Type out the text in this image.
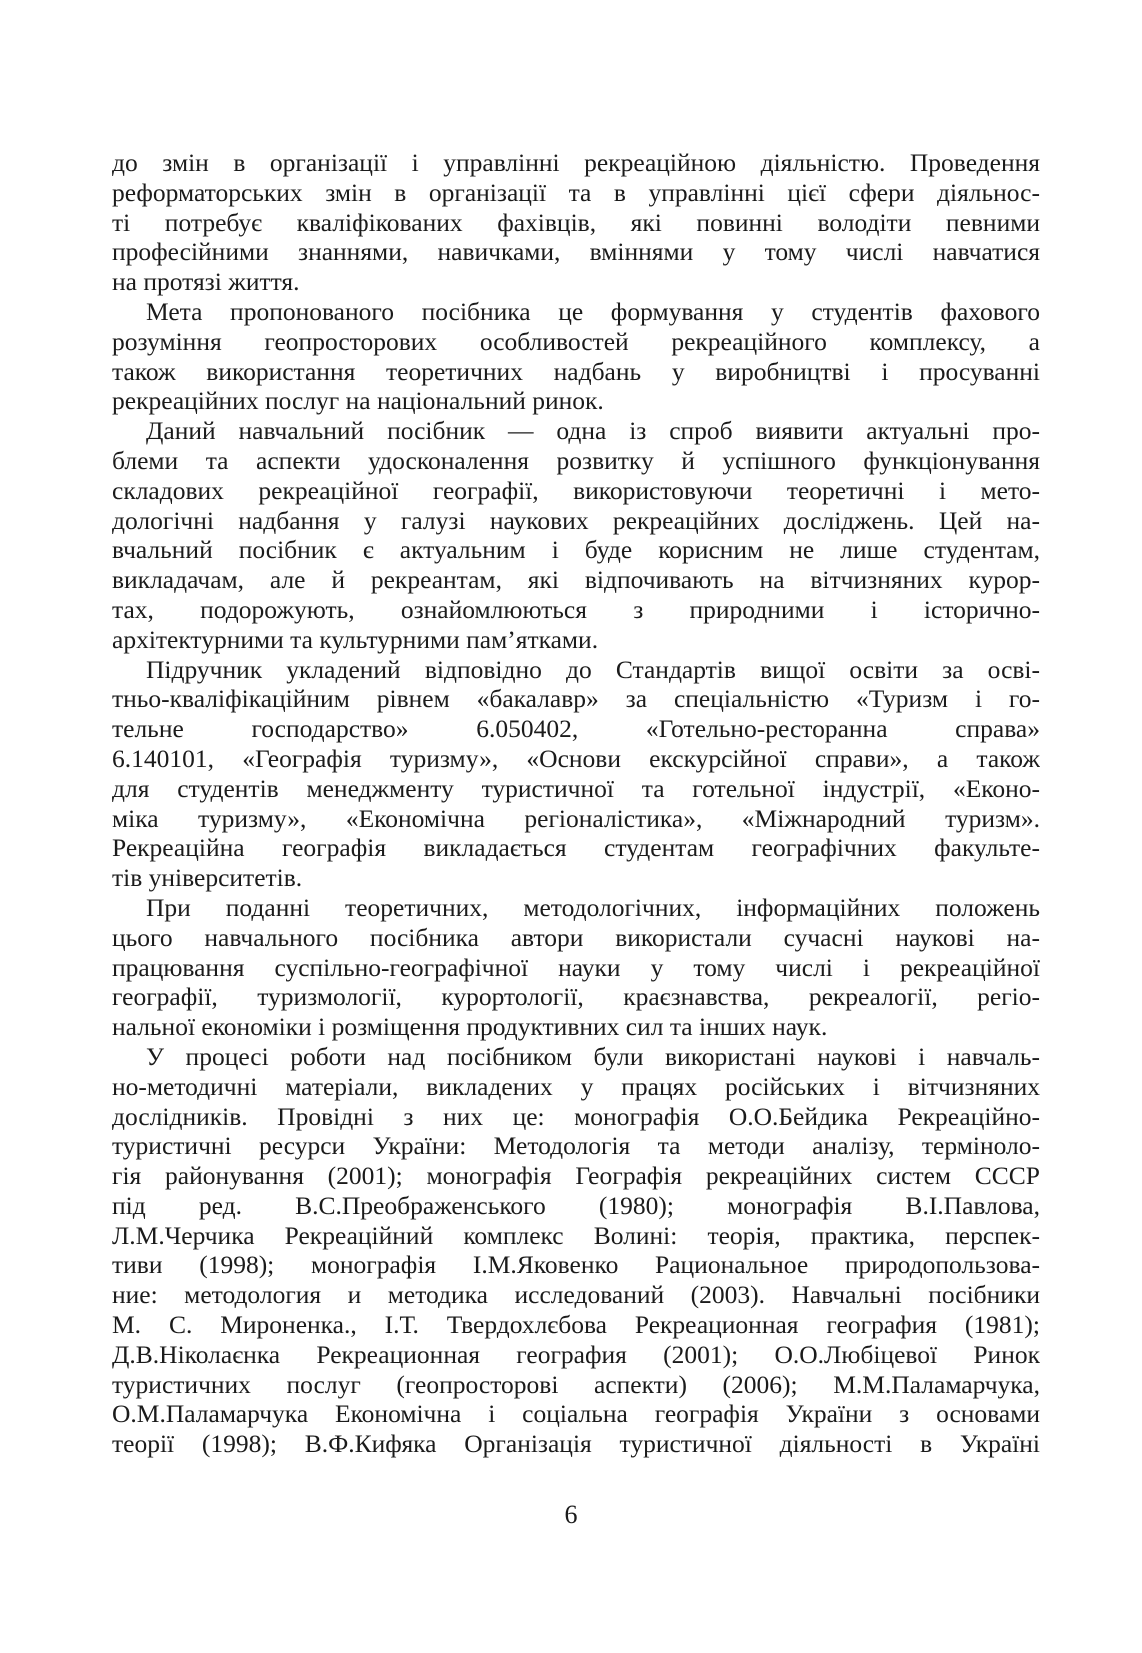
до змін в організації і управлінні рекреаційною діяльністю. Проведення
реформаторських змін в організації та в управлінні цієї сфери діяльнос-
ті потребує кваліфікованих фахівців, які повинні володіти певними
професійними знаннями, навичками, вміннями у тому числі навчатися
на протязі життя.
Мета пропонованого посібника це формування у студентів фахового
розуміння геопросторових особливостей рекреаційного комплексу, а
також використання теоретичних надбань у виробництві і просуванні
рекреаційних послуг на національний ринок.
Даний навчальний посібник — одна із спроб виявити актуальні про-
блеми та аспекти удосконалення розвитку й успішного функціонування
складових рекреаційної географії, використовуючи теоретичні і мето-
дологічні надбання у галузі наукових рекреаційних досліджень. Цей на-
вчальний посібник є актуальним і буде корисним не лише студентам,
викладачам, але й рекреантам, які відпочивають на вітчизняних курор-
тах, подорожують, ознайомлюються з природними і історично-
архітектурними та культурними пам’ятками.
Підручник укладений відповідно до Стандартів вищої освіти за осві-
тньо-кваліфікаційним рівнем «бакалавр» за спеціальністю «Туризм і го-
тельне господарство» 6.050402, «Готельно-ресторанна справа»
6.140101, «Географія туризму», «Основи екскурсійної справи», а також
для студентів менеджменту туристичної та готельної індустрії, «Еконо-
міка туризму», «Економічна регіоналістика», «Міжнародний туризм».
Рекреаційна географія викладається студентам географічних факульте-
тів університетів.
При поданні теоретичних, методологічних, інформаційних положень
цього навчального посібника автори використали сучасні наукові на-
працювання суспільно-географічної науки у тому числі і рекреаційної
географії, туризмології, курортології, краєзнавства, рекреалогії, регіо-
нальної економіки і розміщення продуктивних сил та інших наук.
У процесі роботи над посібником були використані наукові і навчаль-
но-методичні матеріали, викладених у працях російських і вітчизняних
дослідників. Провідні з них це: монографія О.О.Бейдика Рекреаційно-
туристичні ресурси України: Методологія та методи аналізу, терміноло-
гія районування (2001); монографія Географія рекреаційних систем СССР
під ред. В.С.Преображенського (1980); монографія В.І.Павлова,
Л.М.Черчика Рекреаційний комплекс Волині: теорія, практика, перспек-
тиви (1998); монографія І.М.Яковенко Рациональное природопользова-
ние: методология и методика исследований (2003). Навчальні посібники
М. С. Мироненка., І.Т. Твердохлєбова Рекреационная география (1981);
Д.В.Ніколаєнка Рекреационная география (2001); О.О.Любіцевої Ринок
туристичних послуг (геопросторові аспекти) (2006); М.М.Паламарчука,
О.М.Паламарчука Економічна і соціальна географія України з основами
теорії (1998); В.Ф.Кифяка Організація туристичної діяльності в Україні
6
